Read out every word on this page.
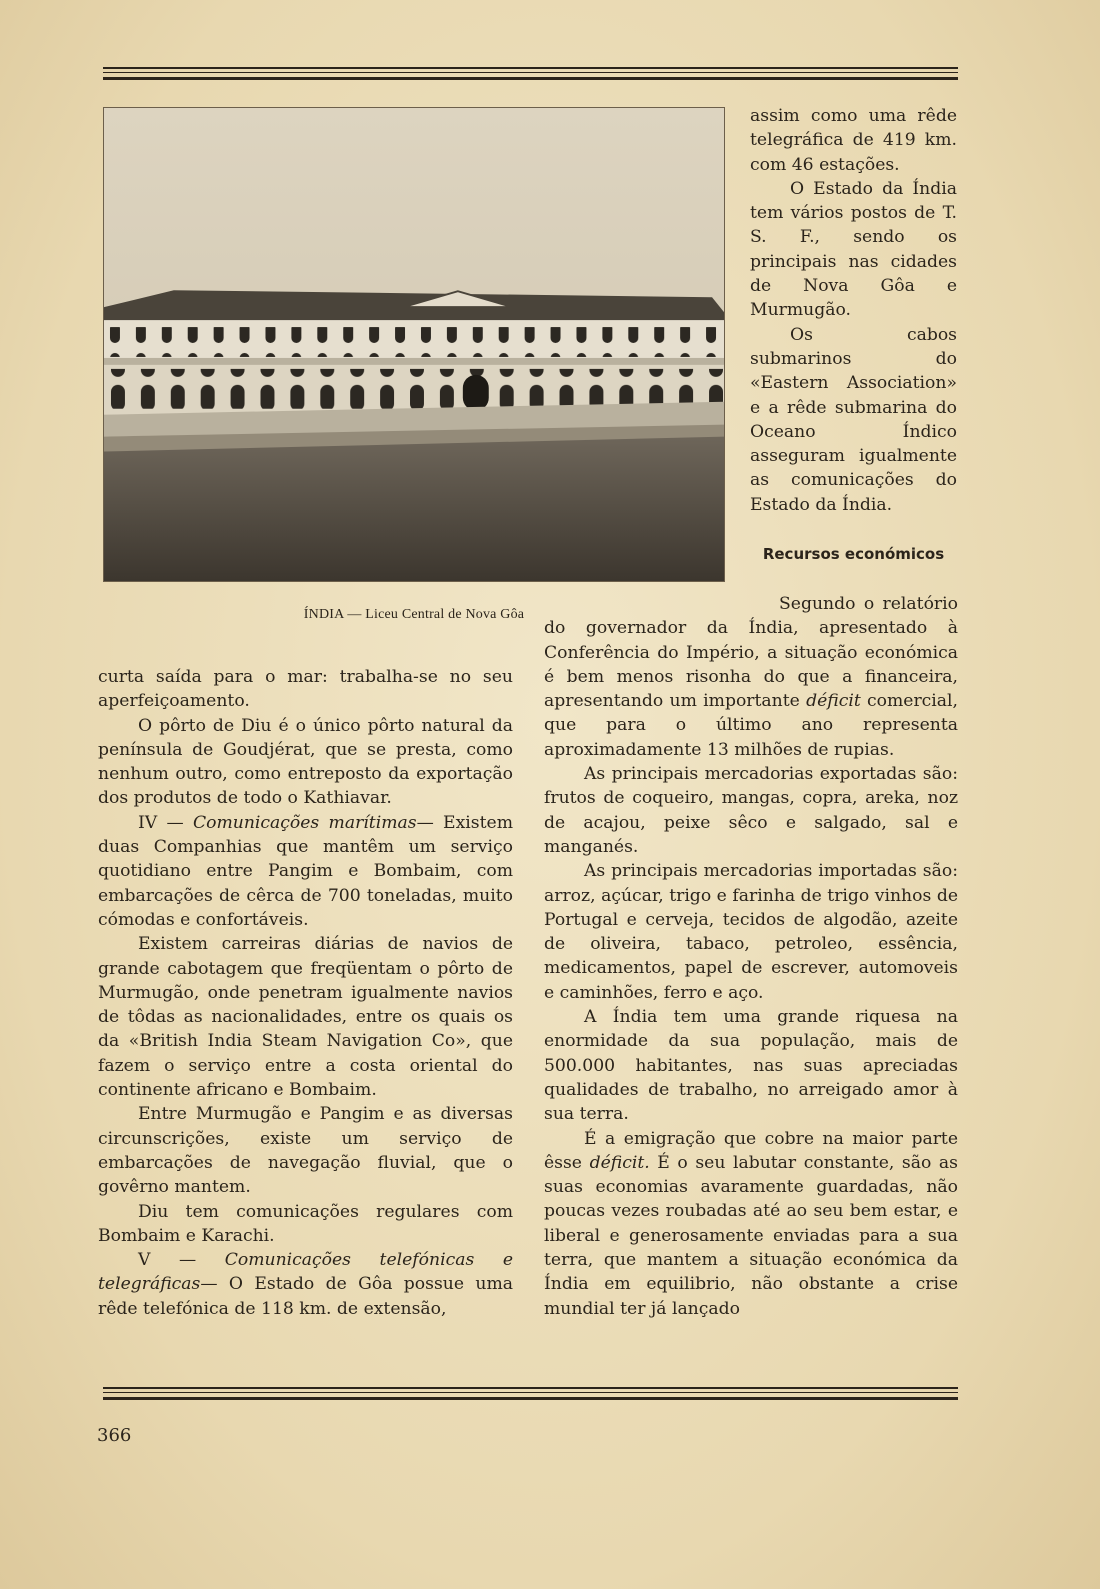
ÍNDIA — Liceu Central de Nova Gôa

assim como uma rêde telegráfica de 419 km. com 46 estações.

O Estado da Índia tem vários postos de T. S. F., sendo os principais nas cidades de Nova Gôa e Murmugão.

Os cabos submarinos do «Eastern Association» e a rêde submarina do Oceano Índico asseguram igualmente as comunicações do Estado da Índia.

Recursos económicos

curta saída para o mar: trabalha-se no seu aperfeiçoamento.

O pôrto de Diu é o único pôrto natural da península de Goudjérat, que se presta, como nenhum outro, como entreposto da exportação dos produtos de todo o Kathiavar.

IV — Comunicações marítimas— Existem duas Companhias que mantêm um serviço quotidiano entre Pangim e Bombaim, com embarcações de cêrca de 700 toneladas, muito cómodas e confortáveis.

Existem carreiras diárias de navios de grande cabotagem que freqüentam o pôrto de Murmugão, onde penetram igualmente navios de tôdas as nacionalidades, entre os quais os da «British India Steam Navigation Co», que fazem o serviço entre a costa oriental do continente africano e Bombaim.

Entre Murmugão e Pangim e as diversas circunscrições, existe um serviço de embarcações de navegação fluvial, que o govêrno mantem.

Diu tem comunicações regulares com Bombaim e Karachi.

V — Comunicações telefónicas e telegráficas— O Estado de Gôa possue uma rêde telefónica de 118 km. de extensão,

Segundo o relatório do governador da Índia, apresentado à Conferência do Império, a situação económica é bem menos risonha do que a financeira, apresentando um importante déficit comercial, que para o último ano representa aproximadamente 13 milhões de rupias.

As principais mercadorias exportadas são: frutos de coqueiro, mangas, copra, areka, noz de acajou, peixe sêco e salgado, sal e manganés.

As principais mercadorias importadas são: arroz, açúcar, trigo e farinha de trigo vinhos de Portugal e cerveja, tecidos de algodão, azeite de oliveira, tabaco, petroleo, essência, medicamentos, papel de escrever, automoveis e caminhões, ferro e aço.

A Índia tem uma grande riquesa na enormidade da sua população, mais de 500.000 habitantes, nas suas apreciadas qualidades de trabalho, no arreigado amor à sua terra.

É a emigração que cobre na maior parte êsse déficit. É o seu labutar constante, são as suas economias avaramente guardadas, não poucas vezes roubadas até ao seu bem estar, e liberal e generosamente enviadas para a sua terra, que mantem a situação económica da Índia em equilibrio, não obstante a crise mundial ter já lançado

366
